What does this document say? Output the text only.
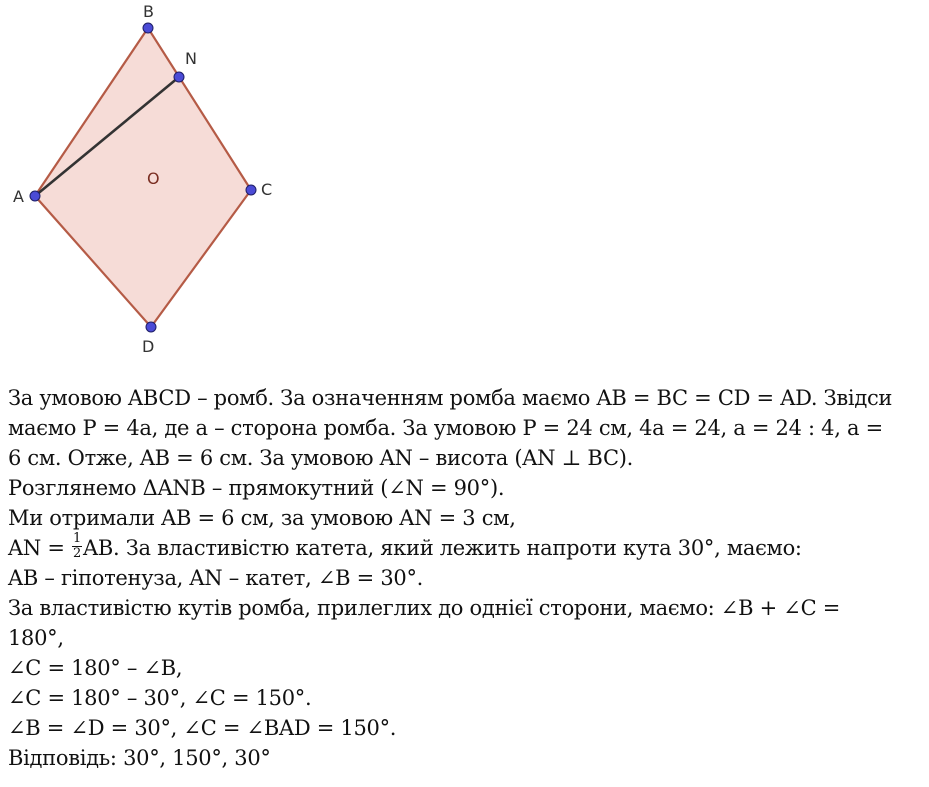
B
N
A	C
D
O
За умовою ABCD – ромб. За означенням ромба маємо AB = BC = CD = AD. Звідси
маємо P = 4a, де a – сторона ромба. За умовою P = 24 см, 4a = 24, a = 24 : 4, a =
6 см. Отже, AB = 6 см. За умовою AN – висота (AN ⊥ BC).
Розглянемо ΔANB – прямокутний (∠N = 90°).
Ми отримали AB = 6 см, за умовою AN = 3 см,
AN = $\frac{1}{2}$ AB. За властивістю катета, який лежить напроти кута 30°, маємо:
AB – гіпотенуза, AN – катет, ∠B = 30°.
За властивістю кутів ромба, прилеглих до однієї сторони, маємо: ∠B + ∠C =
180°,
∠C = 180° – ∠B,
∠C = 180° – 30°, ∠C = 150°.
∠B = ∠D = 30°, ∠C = ∠BAD = 150°.
Відповідь: 30°, 150°, 30°
